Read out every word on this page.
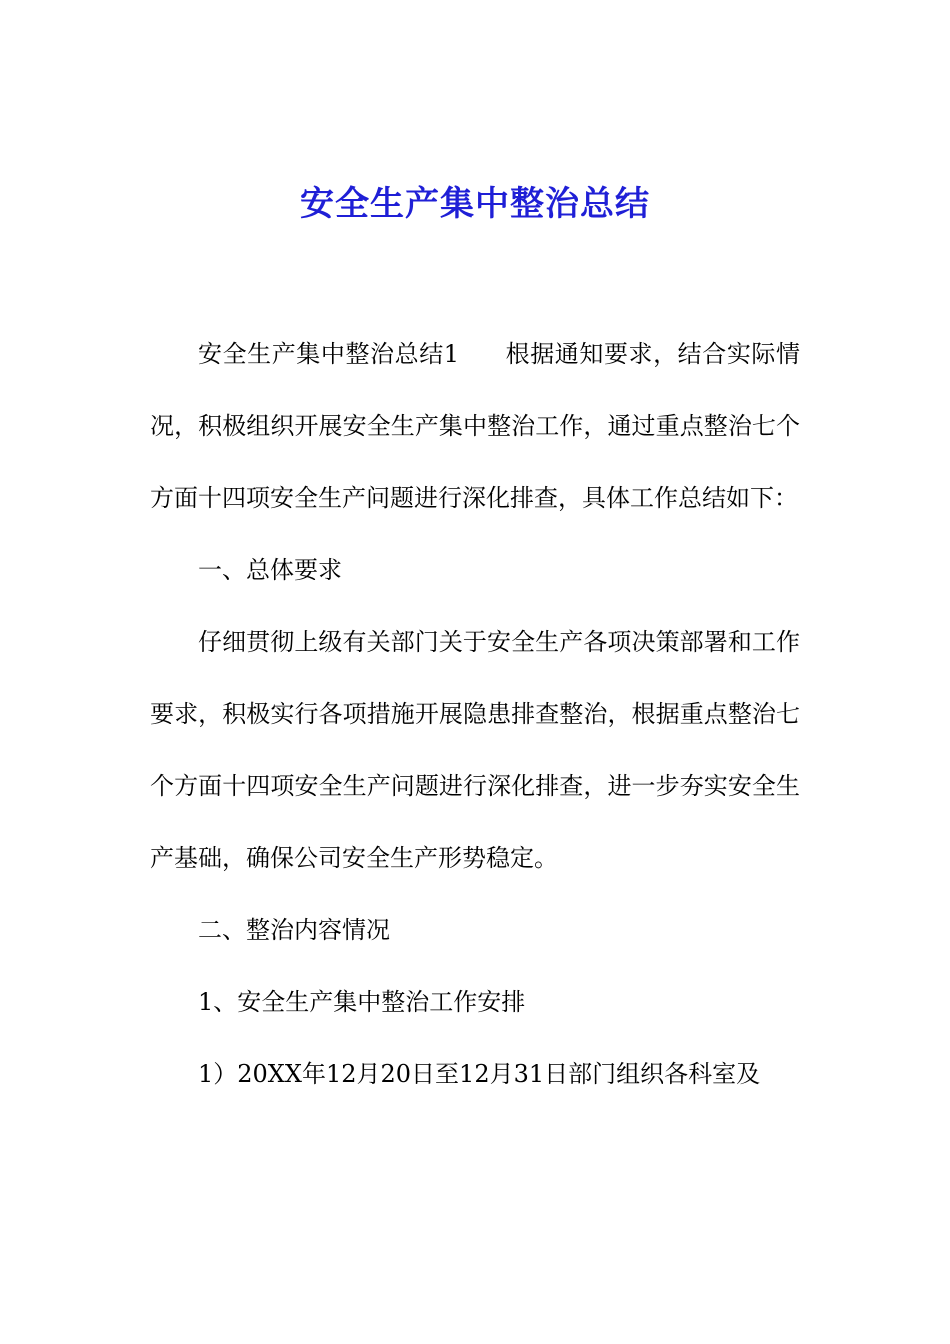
安全生产集中整治总结

安全生产集中整治总结1 根据通知要求，结合实际情况，积极组织开展安全生产集中整治工作，通过重点整治七个方面十四项安全生产问题进行深化排查，具体工作总结如下：

一、总体要求

仔细贯彻上级有关部门关于安全生产各项决策部署和工作要求，积极实行各项措施开展隐患排查整治，根据重点整治七个方面十四项安全生产问题进行深化排查，进一步夯实安全生产基础，确保公司安全生产形势稳定。

二、整治内容情况

1、安全生产集中整治工作安排

1）20XX年12月20日至12月31日部门组织各科室及
